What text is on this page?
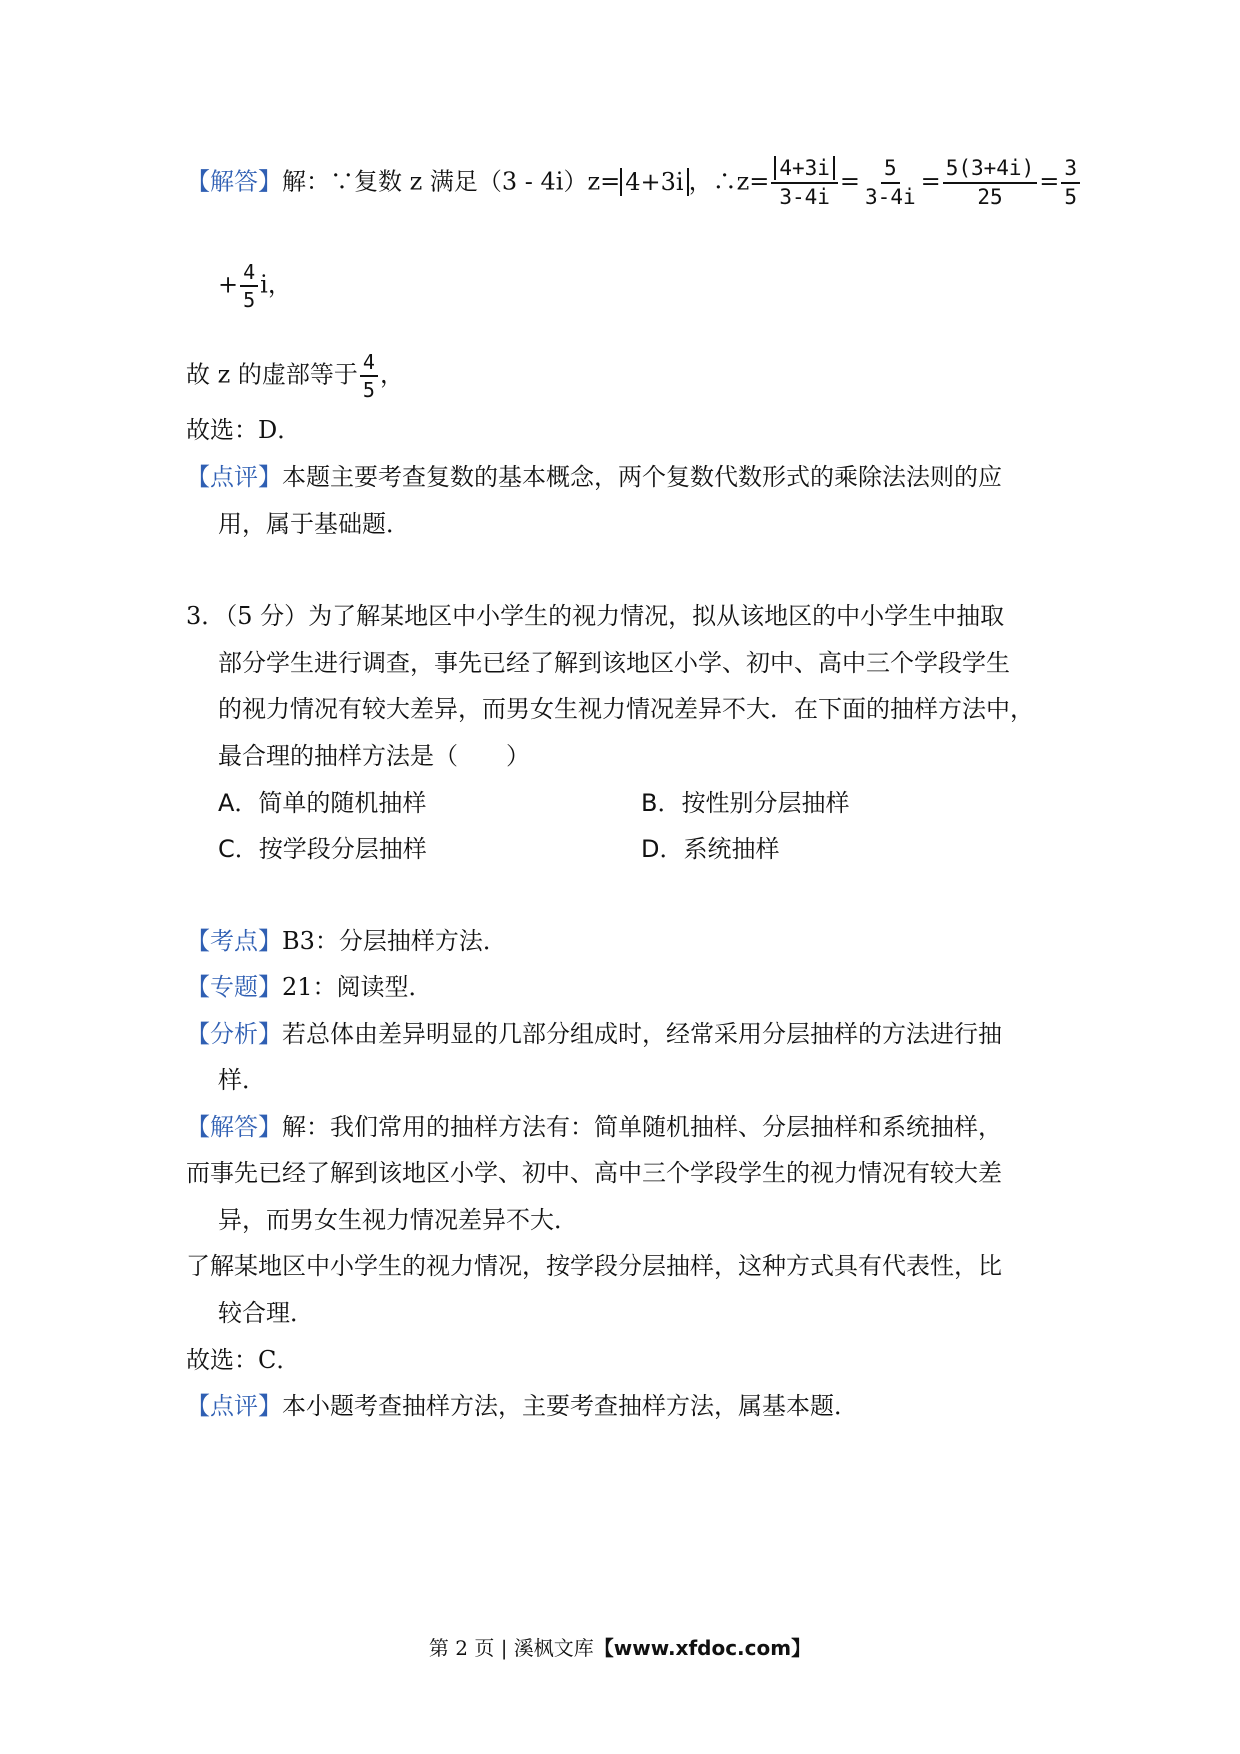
【解答】解：∵复数 z 满足（3 - 4i）z= 4+3i ，∴z= $\frac{4+3i}{3-4i} = \frac{5}{3-4i} = \frac{5(3+4i)}{25} = \frac{3}{5}$
+ $\frac{4}{5}$ i，
故 z 的虚部等于 $\frac{4}{5}$ ，
故选：D．
【点评】本题主要考查复数的基本概念，两个复数代数形式的乘除法法则的应
用，属于基础题．
3．（5 分）为了解某地区中小学生的视力情况，拟从该地区的中小学生中抽取
部分学生进行调查，事先已经了解到该地区小学、初中、高中三个学段学生
的视力情况有较大差异，而男女生视力情况差异不大．在下面的抽样方法中，
最合理的抽样方法是（　　）
A．简单的随机抽样	B．按性别分层抽样
C．按学段分层抽样	D．系统抽样
【考点】B3：分层抽样方法．
【专题】21：阅读型．
【分析】若总体由差异明显的几部分组成时，经常采用分层抽样的方法进行抽
样．
【解答】解：我们常用的抽样方法有：简单随机抽样、分层抽样和系统抽样，
而事先已经了解到该地区小学、初中、高中三个学段学生的视力情况有较大差
异，而男女生视力情况差异不大．
了解某地区中小学生的视力情况，按学段分层抽样，这种方式具有代表性，比
较合理．
故选：C．
【点评】本小题考查抽样方法，主要考查抽样方法，属基本题．
第 2 页 | 溪枫文库【www.xfdoc.com】
